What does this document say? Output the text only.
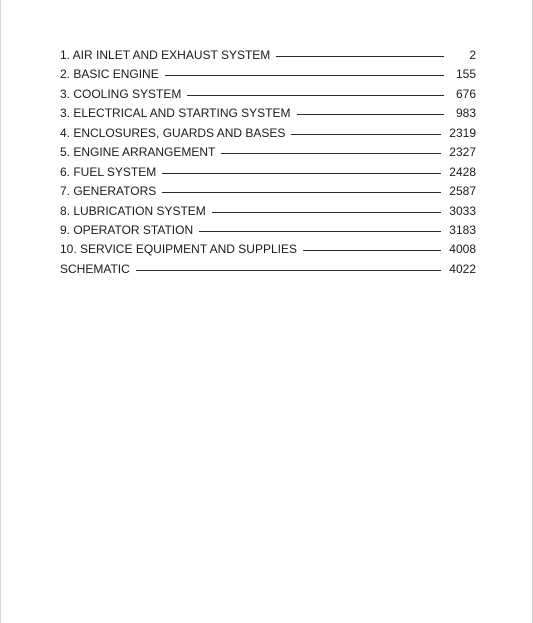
1. AIR INLET AND EXHAUST SYSTEM	2
2. BASIC ENGINE	155
3. COOLING SYSTEM	676
3. ELECTRICAL AND STARTING SYSTEM	983
4. ENCLOSURES, GUARDS AND BASES	2319
5. ENGINE ARRANGEMENT	2327
6. FUEL SYSTEM	2428
7. GENERATORS	2587
8. LUBRICATION SYSTEM	3033
9. OPERATOR STATION	3183
10. SERVICE EQUIPMENT AND SUPPLIES	4008
SCHEMATIC	4022
